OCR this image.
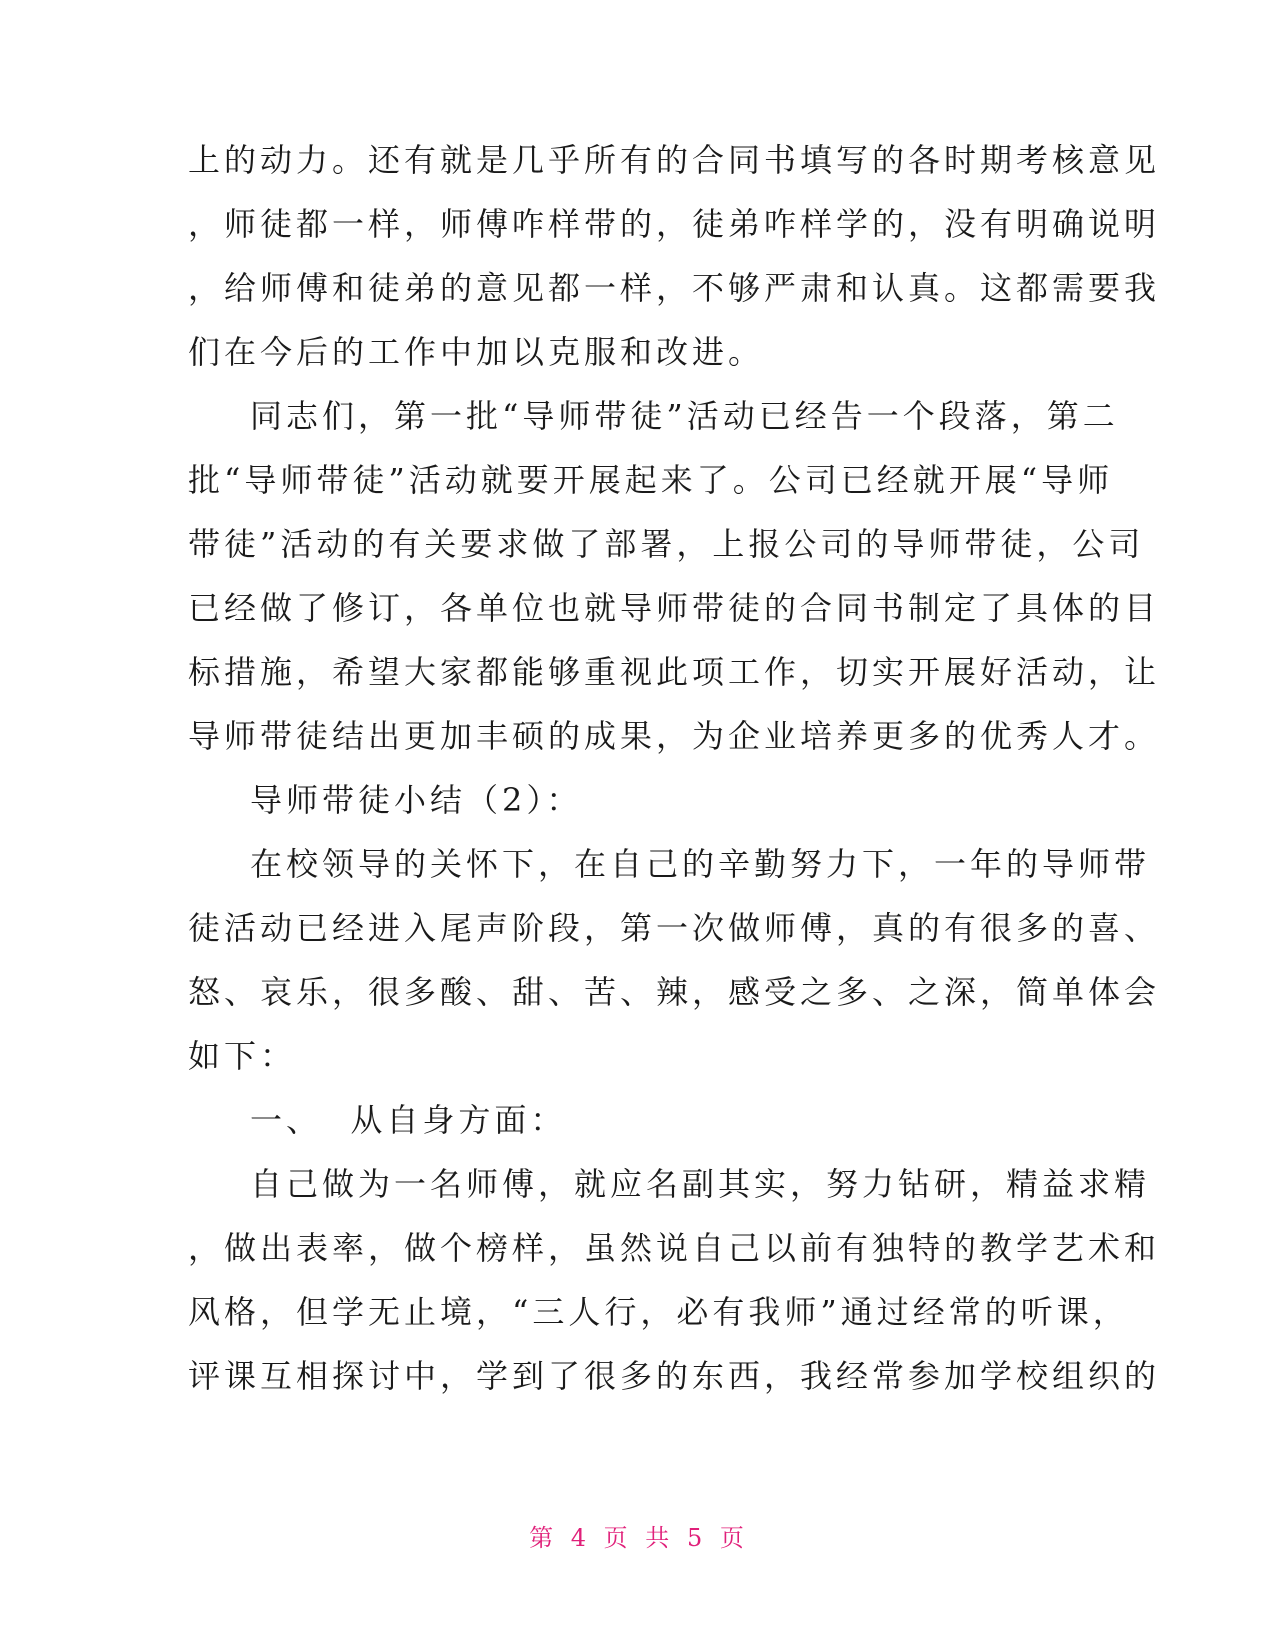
上的动力。还有就是几乎所有的合同书填写的各时期考核意见
，师徒都一样，师傅咋样带的，徒弟咋样学的，没有明确说明
，给师傅和徒弟的意见都一样，不够严肃和认真。这都需要我
们在今后的工作中加以克服和改进。
同志们，第一批“导师带徒”活动已经告一个段落，第二
批“导师带徒”活动就要开展起来了。公司已经就开展“导师
带徒”活动的有关要求做了部署，上报公司的导师带徒，公司
已经做了修订，各单位也就导师带徒的合同书制定了具体的目
标措施，希望大家都能够重视此项工作，切实开展好活动，让
导师带徒结出更加丰硕的成果，为企业培养更多的优秀人才。
导师带徒小结（2）：
在校领导的关怀下，在自己的辛勤努力下，一年的导师带
徒活动已经进入尾声阶段，第一次做师傅，真的有很多的喜、
怒、哀乐，很多酸、甜、苦、辣，感受之多、之深，简单体会
如下：
一、  从自身方面：
自己做为一名师傅，就应名副其实，努力钻研，精益求精
，做出表率，做个榜样，虽然说自己以前有独特的教学艺术和
风格，但学无止境，“三人行，必有我师”通过经常的听课，
评课互相探讨中，学到了很多的东西，我经常参加学校组织的
第 4 页 共 5 页
